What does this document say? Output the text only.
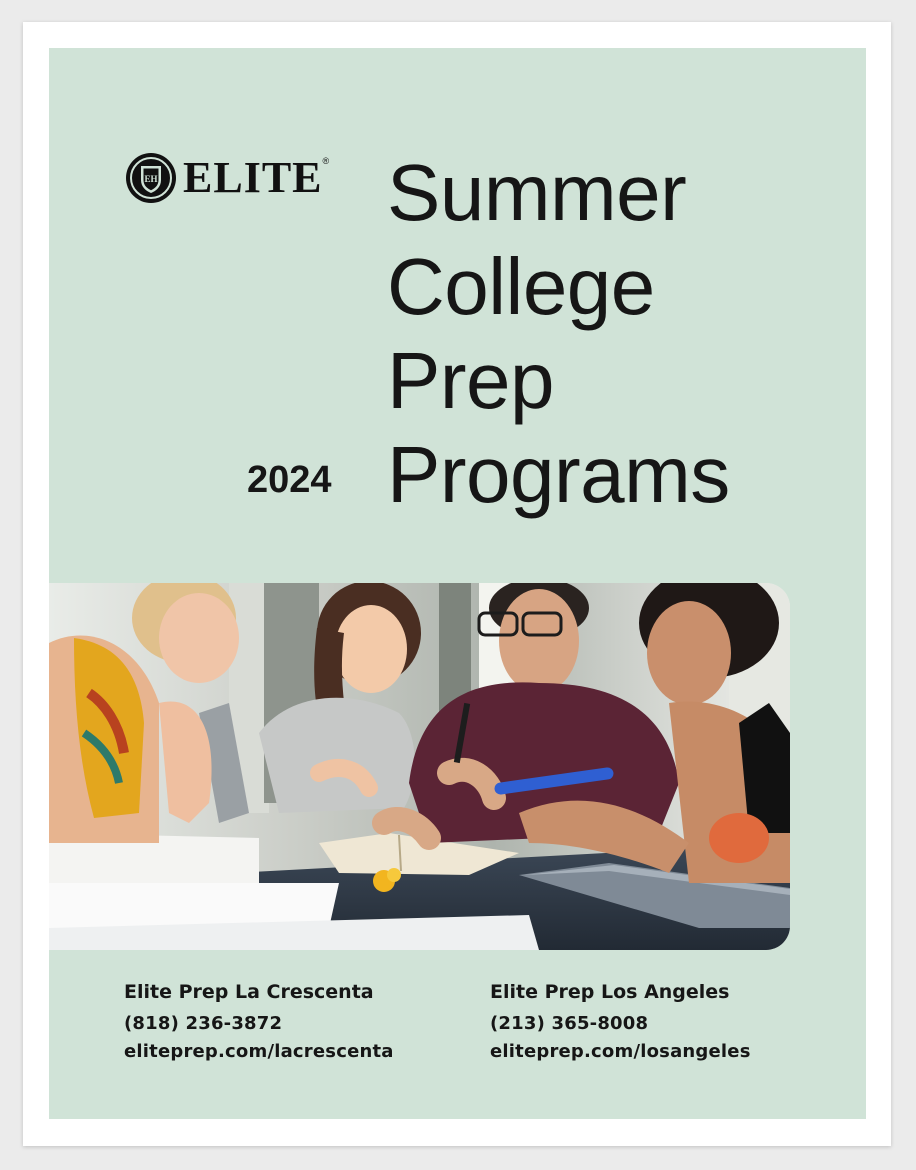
EH ELITE ®
2024
Summer
College
Prep
Programs
Elite Prep La Crescenta
(818) 236-3872
eliteprep.com/lacrescenta
Elite Prep Los Angeles
(213) 365-8008
eliteprep.com/losangeles
